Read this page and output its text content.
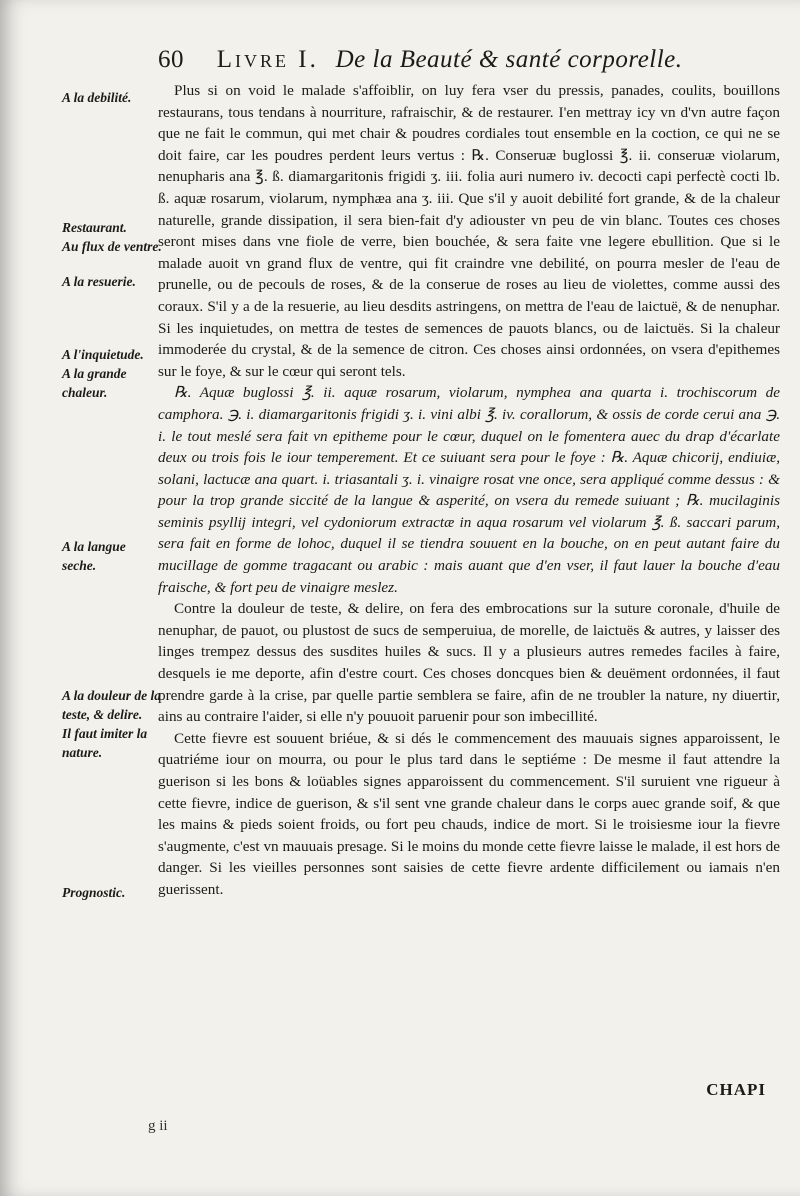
60 Livre I. De la Beauté & santé corporelle.
A la debilité.
Restaurant.
Au flux de ventre.
A la resuerie.
A l'inquietude.
A la grande chaleur.
A la langue seche.
A la douleur de la teste, & delire.
Il faut imiter la nature.
Prognostic.

Plus si on void le malade s'affoiblir, on luy fera vser du pressis, panades, coulits, bouillons restaurans, tous tendans à nourriture, rafraischir, & de restaurer. I'en mettray icy vn d'vn autre façon que ne fait le commun, qui met chair & poudres cordiales tout ensemble en la coction, ce qui ne se doit faire, car les poudres perdent leurs vertus : ℞. Conseruæ buglossi ℥. ii. conseruæ violarum, nenupharis ana ℥. ß. diamargaritonis frigidi ʒ. iii. folia auri numero iv. decocti capi perfectè cocti lb. ß. aquæ rosarum, violarum, nymphæa ana ʒ. iii. Que s'il y auoit debilité fort grande, & de la chaleur naturelle, grande dissipation, il sera bien-fait d'y adiouster vn peu de vin blanc. Toutes ces choses seront mises dans vne fiole de verre, bien bouchée, & sera faite vne legere ebullition. Que si le malade auoit vn grand flux de ventre, qui fit craindre vne debilité, on pourra mesler de l'eau de prunelle, ou de pecouls de roses, & de la conserue de roses au lieu de violettes, comme aussi des coraux. S'il y a de la resuerie, au lieu desdits astringens, on mettra de l'eau de laictuë, & de nenuphar. Si les inquietudes, on mettra de testes de semences de pauots blancs, ou de laictuës. Si la chaleur immoderée du crystal, & de la semence de citron. Ces choses ainsi ordonnées, on vsera d'epithemes sur le foye, & sur le cœur qui seront tels.

℞. Aquæ buglossi ℥. ii. aquæ rosarum, violarum, nymphea ana quarta i. trochiscorum de camphora. ℈. i. diamargaritonis frigidi ʒ. i. vini albi ℥. iv. corallorum, & ossis de corde cerui ana ℈. i. le tout meslé sera fait vn epitheme pour le cœur, duquel on le fomentera auec du drap d'écarlate deux ou trois fois le iour temperement. Et ce suiuant sera pour le foye : ℞. Aquæ chicorij, endiuiæ, solani, lactucæ ana quart. i. triasantali ʒ. i. vinaigre rosat vne once, sera appliqué comme dessus : & pour la trop grande siccité de la langue & asperité, on vsera du remede suiuant ; ℞. mucilaginis seminis psyllij integri, vel cydoniorum extractæ in aqua rosarum vel violarum ℥. ß. saccari parum, sera fait en forme de lohoc, duquel il se tiendra souuent en la bouche, on en peut autant faire du mucillage de gomme tragacant ou arabic : mais auant que d'en vser, il faut lauer la bouche d'eau fraische, & fort peu de vinaigre meslez.

Contre la douleur de teste, & delire, on fera des embrocations sur la suture coronale, d'huile de nenuphar, de pauot, ou plustost de sucs de semperuiua, de morelle, de laictuës & autres, y laisser des linges trempez dessus des susdites huiles & sucs. Il y a plusieurs autres remedes faciles à faire, desquels ie me deporte, afin d'estre court. Ces choses doncques bien & deuëment ordonnées, il faut prendre garde à la crise, par quelle partie semblera se faire, afin de ne troubler la nature, ny diuertir, ains au contraire l'aider, si elle n'y pouuoit paruenir pour son imbecillité.

Cette fievre est souuent briéue, & si dés le commencement des mauuais signes apparoissent, le quatriéme iour on mourra, ou pour le plus tard dans le septiéme : De mesme il faut attendre la guerison si les bons & loüables signes apparoissent du commencement. S'il suruient vne rigueur à cette fievre, indice de guerison, & s'il sent vne grande chaleur dans le corps auec grande soif, & que les mains & pieds soient froids, ou fort peu chauds, indice de mort. Si le troisiesme iour la fievre s'augmente, c'est vn mauuais presage. Si le moins du monde cette fievre laisse le malade, il est hors de danger. Si les vieilles personnes sont saisies de cette fievre ardente difficilement ou iamais n'en guerissent.

CHAPI
g ii
